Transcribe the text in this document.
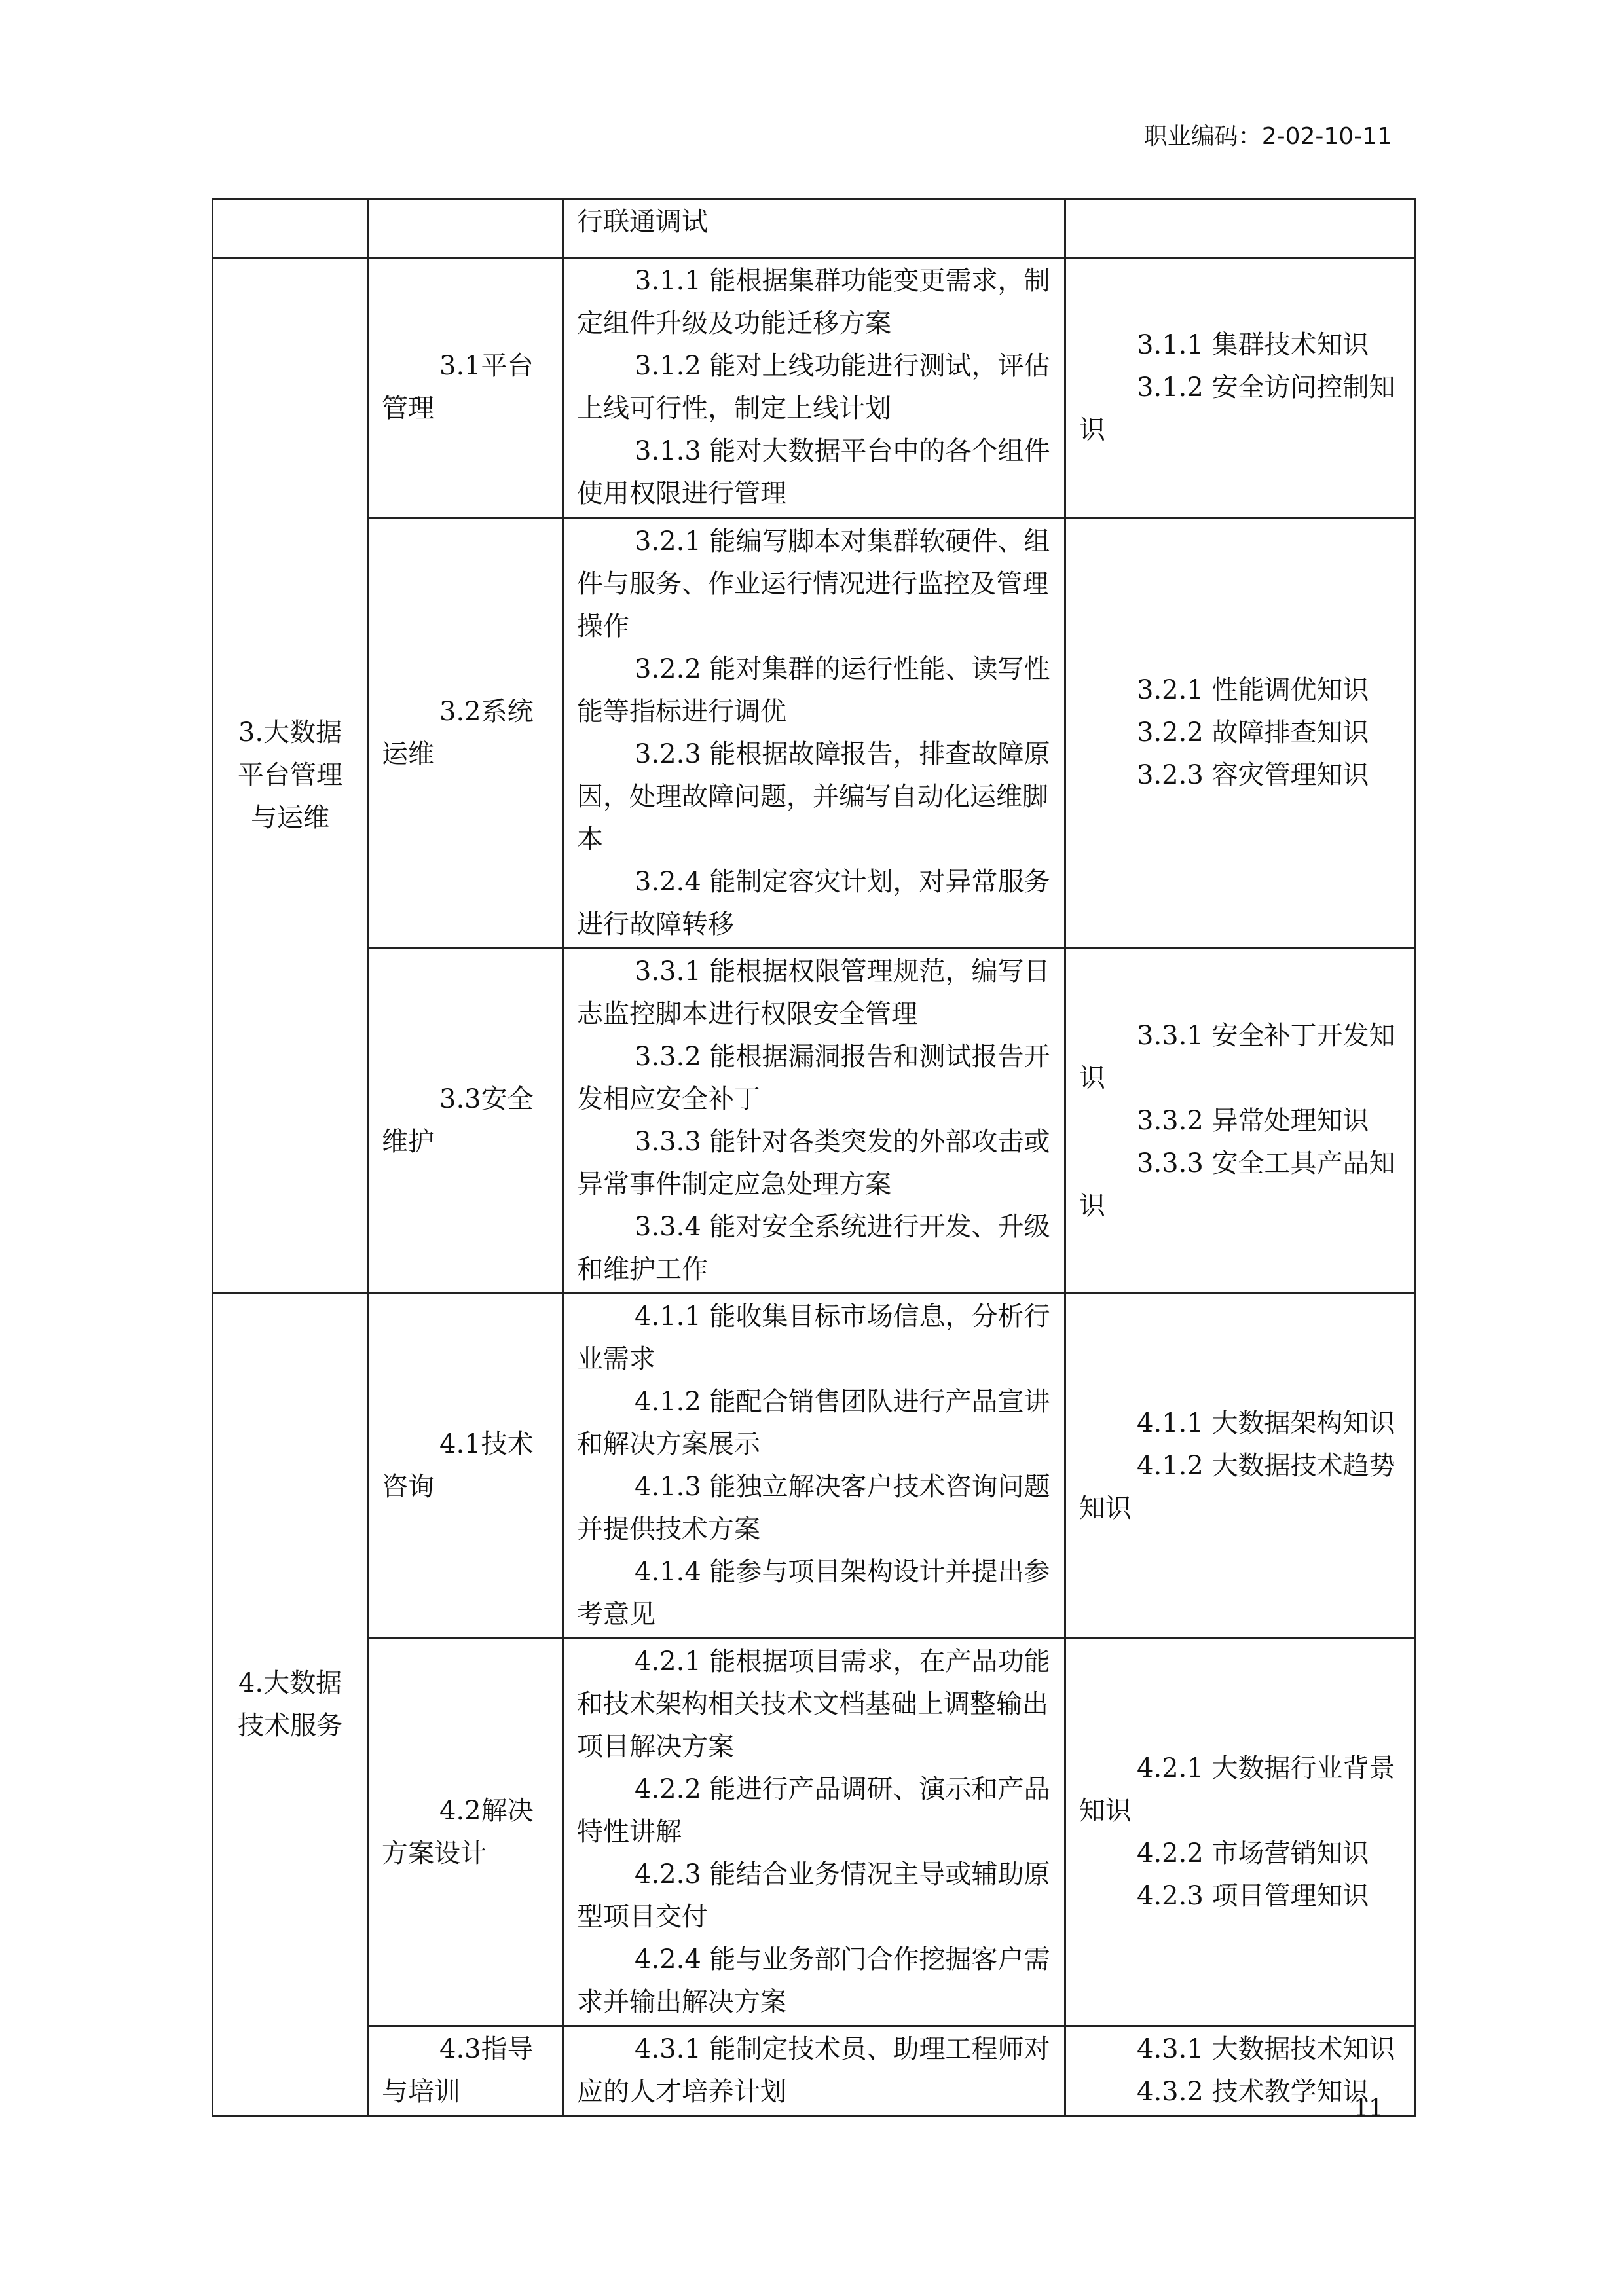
职业编码：2-02-10-11

		行联通调试	

3.大数据
平台管理
与运维	3.1平台管理	3.1.1 能根据集群功能变更需求，制定组件升级及功能迁移方案
3.1.2 能对上线功能进行测试，评估上线可行性，制定上线计划
3.1.3 能对大数据平台中的各个组件使用权限进行管理	3.1.1 集群技术知识
3.1.2 安全访问控制知识

	3.2系统运维	3.2.1 能编写脚本对集群软硬件、组件与服务、作业运行情况进行监控及管理操作
3.2.2 能对集群的运行性能、读写性能等指标进行调优
3.2.3 能根据故障报告，排查故障原因，处理故障问题，并编写自动化运维脚本
3.2.4 能制定容灾计划，对异常服务进行故障转移	3.2.1 性能调优知识
3.2.2 故障排查知识
3.2.3 容灾管理知识

	3.3安全维护	3.3.1 能根据权限管理规范，编写日志监控脚本进行权限安全管理
3.3.2 能根据漏洞报告和测试报告开发相应安全补丁
3.3.3 能针对各类突发的外部攻击或异常事件制定应急处理方案
3.3.4 能对安全系统进行开发、升级和维护工作	3.3.1 安全补丁开发知识
3.3.2 异常处理知识
3.3.3 安全工具产品知识

4.大数据
技术服务	4.1技术咨询	4.1.1 能收集目标市场信息，分析行业需求
4.1.2 能配合销售团队进行产品宣讲和解决方案展示
4.1.3 能独立解决客户技术咨询问题并提供技术方案
4.1.4 能参与项目架构设计并提出参考意见	4.1.1 大数据架构知识
4.1.2 大数据技术趋势知识

	4.2解决方案设计	4.2.1 能根据项目需求，在产品功能和技术架构相关技术文档基础上调整输出项目解决方案
4.2.2 能进行产品调研、演示和产品特性讲解
4.2.3 能结合业务情况主导或辅助原型项目交付
4.2.4 能与业务部门合作挖掘客户需求并输出解决方案	4.2.1 大数据行业背景知识
4.2.2 市场营销知识
4.2.3 项目管理知识

	4.3指导与培训	4.3.1 能制定技术员、助理工程师对应的人才培养计划	4.3.1 大数据技术知识
4.3.2 技术教学知识
11
